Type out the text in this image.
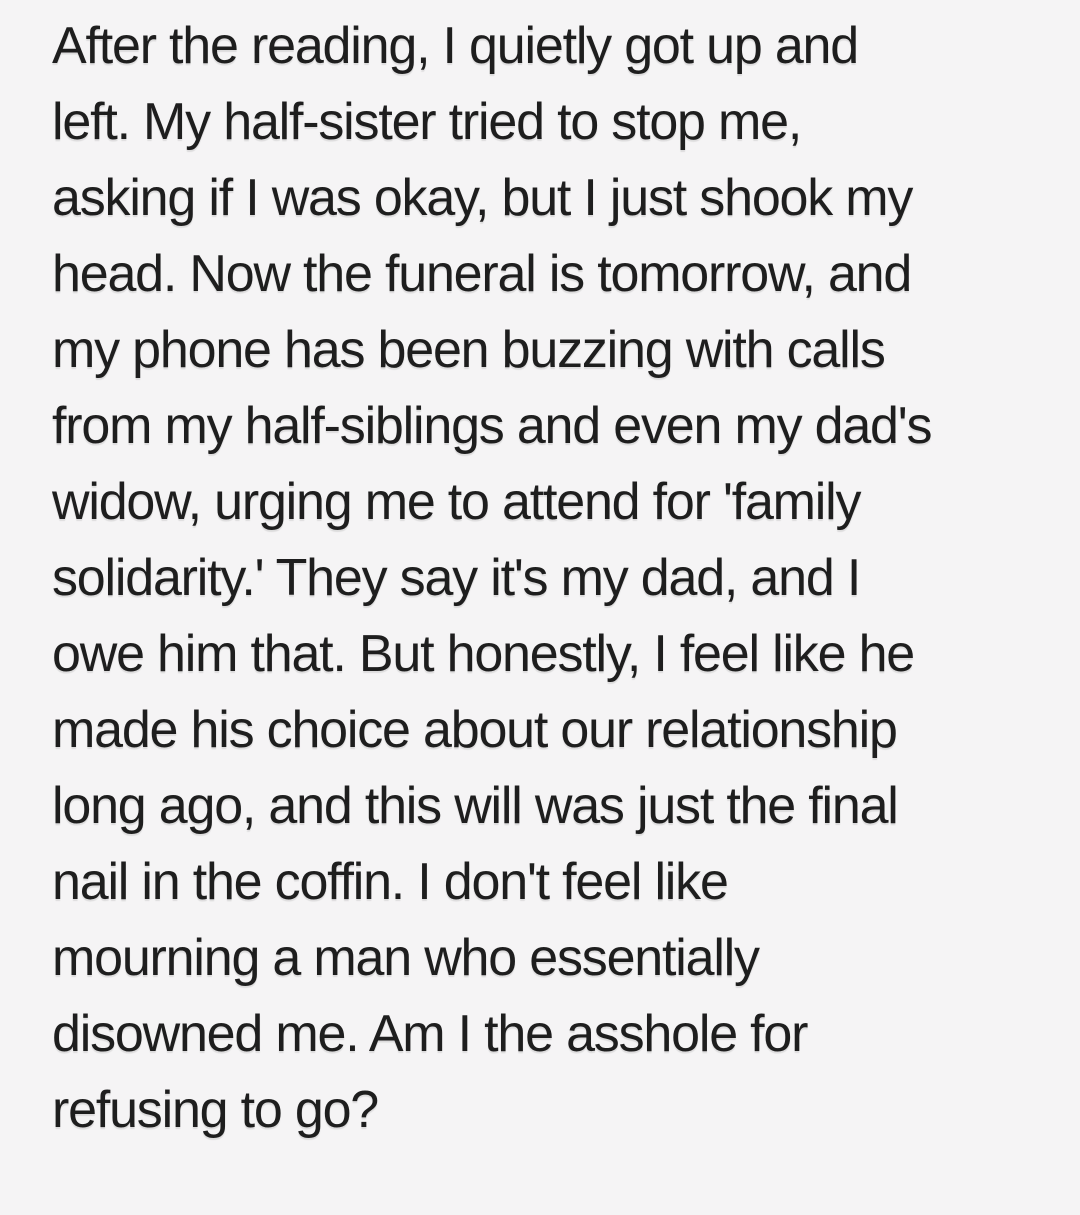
After the reading, I quietly got up and
left. My half-sister tried to stop me,
asking if I was okay, but I just shook my
head. Now the funeral is tomorrow, and
my phone has been buzzing with calls
from my half-siblings and even my dad's
widow, urging me to attend for 'family
solidarity.' They say it's my dad, and I
owe him that. But honestly, I feel like he
made his choice about our relationship
long ago, and this will was just the final
nail in the coffin. I don't feel like
mourning a man who essentially
disowned me. Am I the asshole for
refusing to go?
